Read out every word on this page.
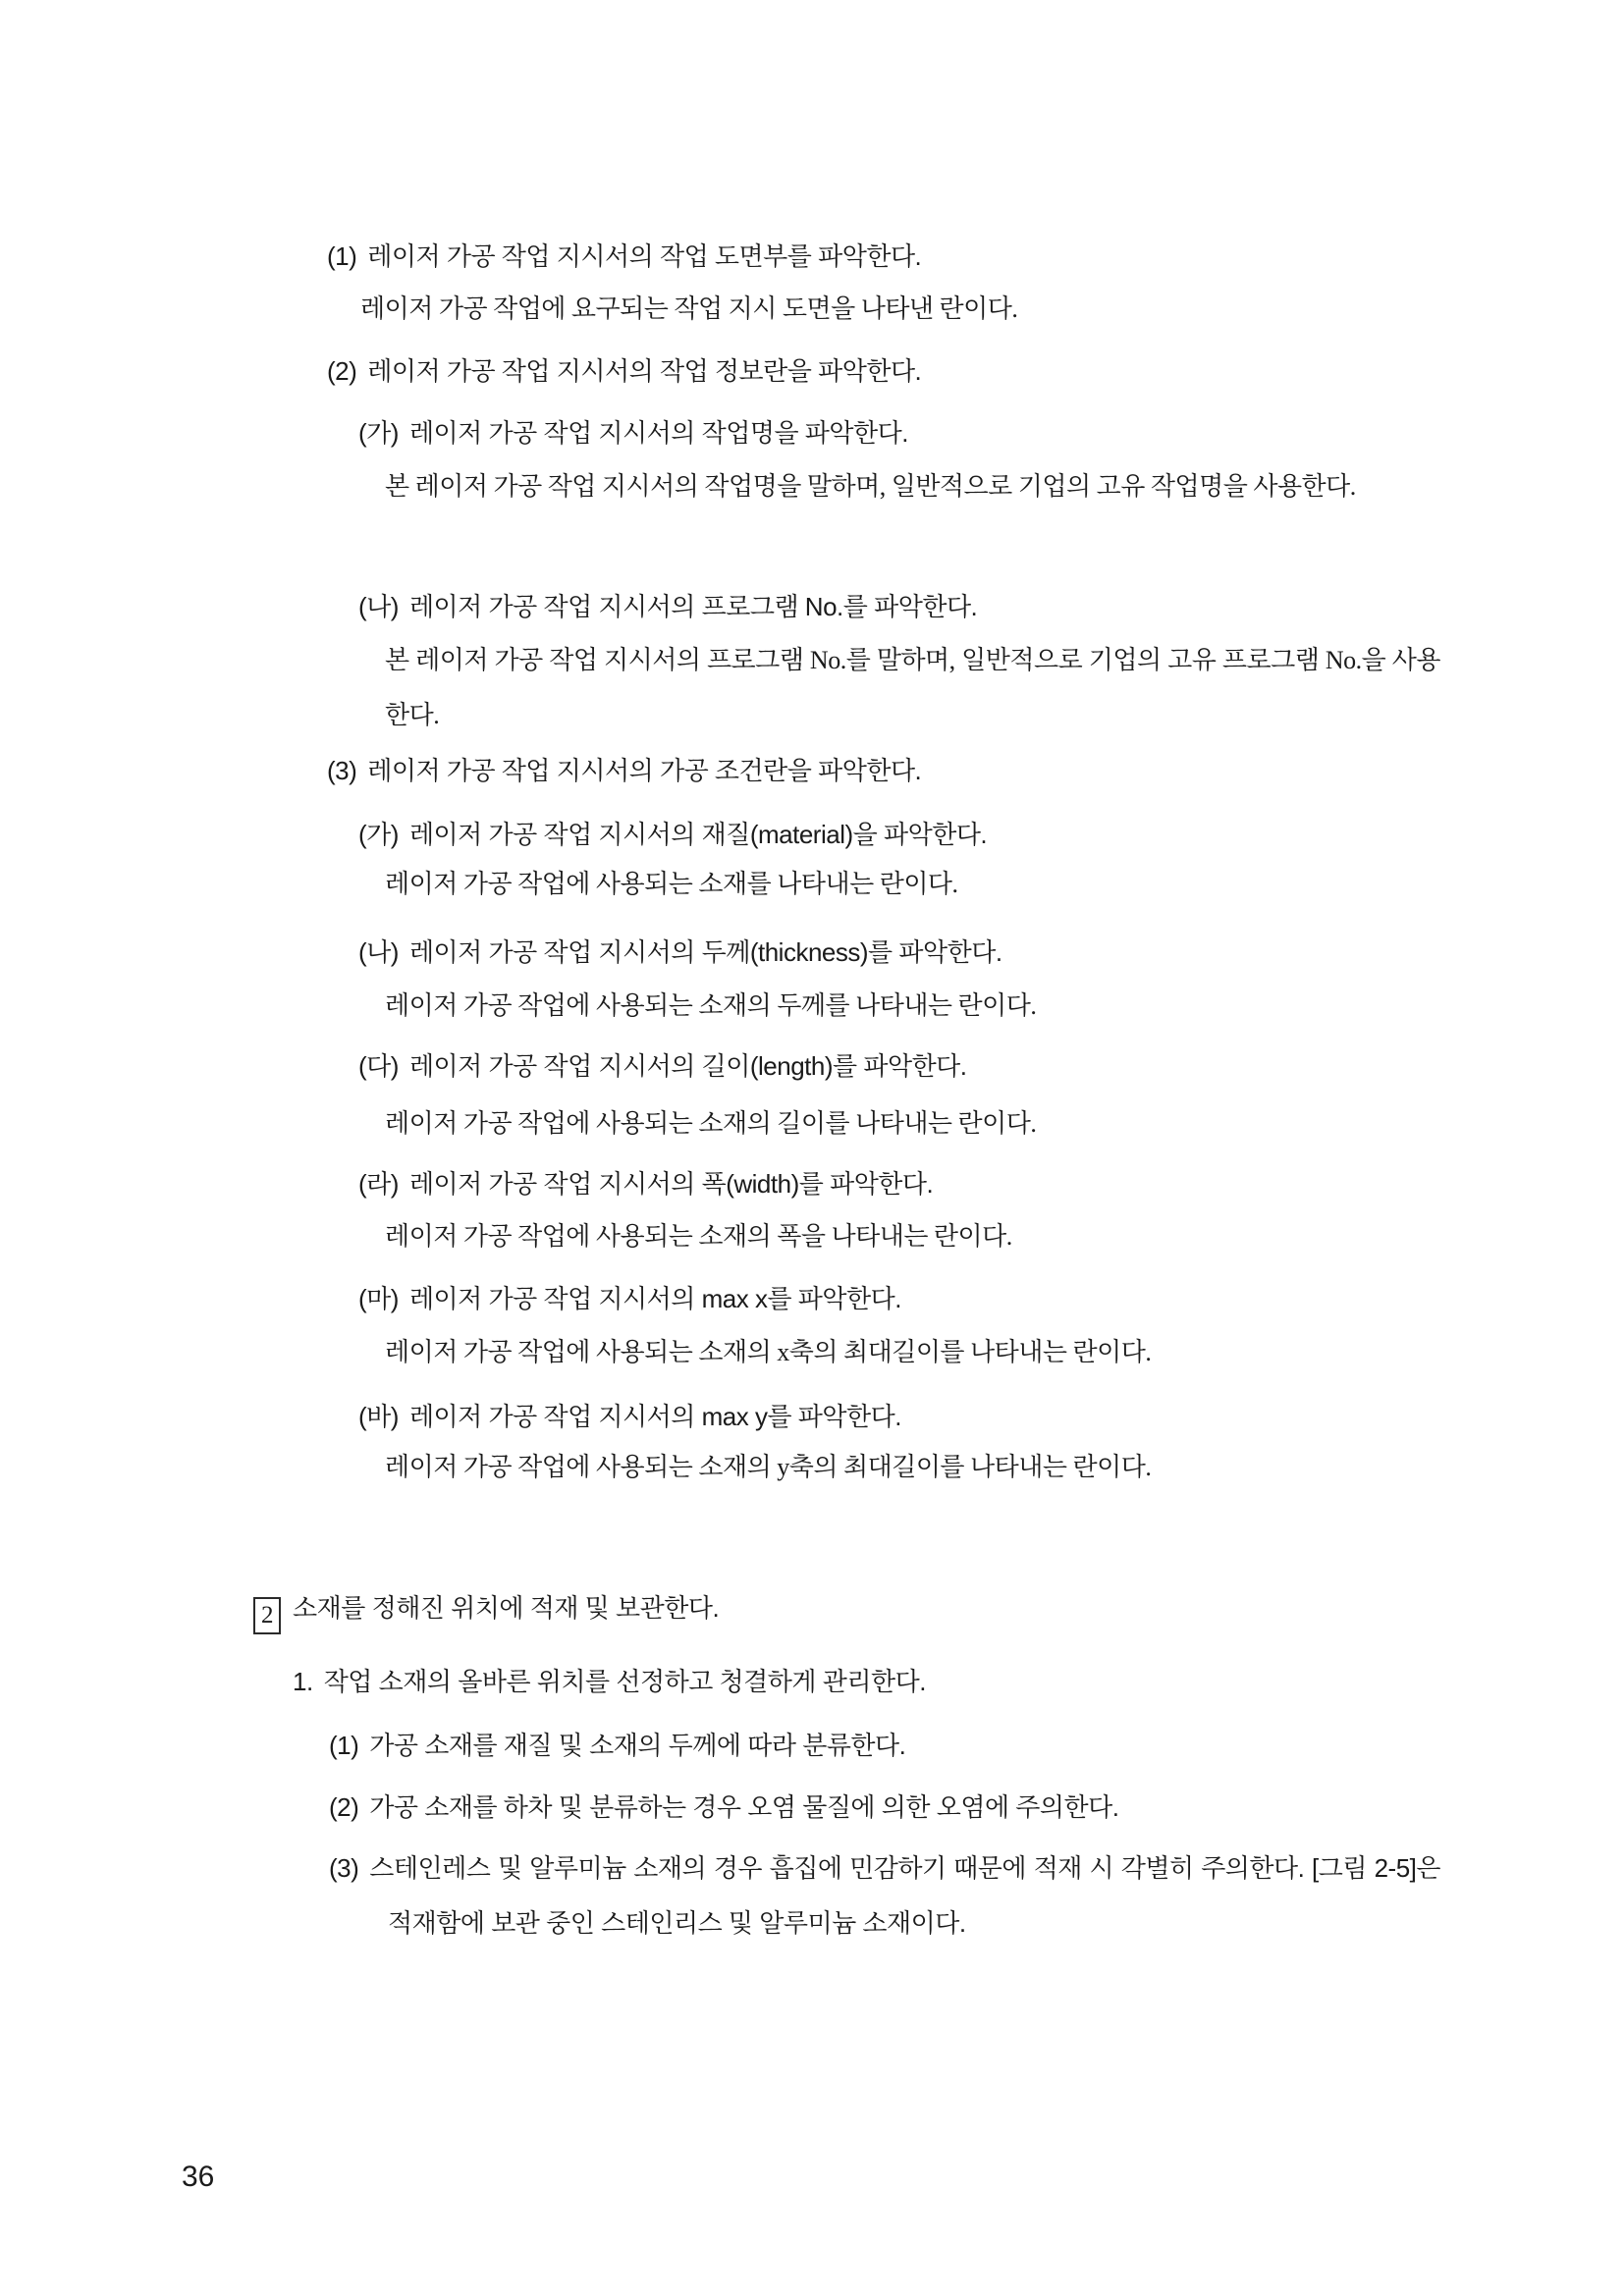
(1) 레이저 가공 작업 지시서의 작업 도면부를 파악한다.
레이저 가공 작업에 요구되는 작업 지시 도면을 나타낸 란이다.
(2) 레이저 가공 작업 지시서의 작업 정보란을 파악한다.
(가) 레이저 가공 작업 지시서의 작업명을 파악한다.
본 레이저 가공 작업 지시서의 작업명을 말하며, 일반적으로 기업의 고유 작업명을 사용한다.
(나) 레이저 가공 작업 지시서의 프로그램 No.를 파악한다.
본 레이저 가공 작업 지시서의 프로그램 No.를 말하며, 일반적으로 기업의 고유 프로그램 No.을 사용한다.
(3) 레이저 가공 작업 지시서의 가공 조건란을 파악한다.
(가) 레이저 가공 작업 지시서의 재질(material)을 파악한다.
레이저 가공 작업에 사용되는 소재를 나타내는 란이다.
(나) 레이저 가공 작업 지시서의 두께(thickness)를 파악한다.
레이저 가공 작업에 사용되는 소재의 두께를 나타내는 란이다.
(다) 레이저 가공 작업 지시서의 길이(length)를 파악한다.
레이저 가공 작업에 사용되는 소재의 길이를 나타내는 란이다.
(라) 레이저 가공 작업 지시서의 폭(width)를 파악한다.
레이저 가공 작업에 사용되는 소재의 폭을 나타내는 란이다.
(마) 레이저 가공 작업 지시서의 max x를 파악한다.
레이저 가공 작업에 사용되는 소재의 x축의 최대길이를 나타내는 란이다.
(바) 레이저 가공 작업 지시서의 max y를 파악한다.
레이저 가공 작업에 사용되는 소재의 y축의 최대길이를 나타내는 란이다.
2 소재를 정해진 위치에 적재 및 보관한다.
1. 작업 소재의 올바른 위치를 선정하고 청결하게 관리한다.
(1) 가공 소재를 재질 및 소재의 두께에 따라 분류한다.
(2) 가공 소재를 하차 및 분류하는 경우 오염 물질에 의한 오염에 주의한다.
(3) 스테인레스 및 알루미늄 소재의 경우 흡집에 민감하기 때문에 적재 시 각별히 주의한다. [그림 2-5]은 적재함에 보관 중인 스테인리스 및 알루미늄 소재이다.
36
